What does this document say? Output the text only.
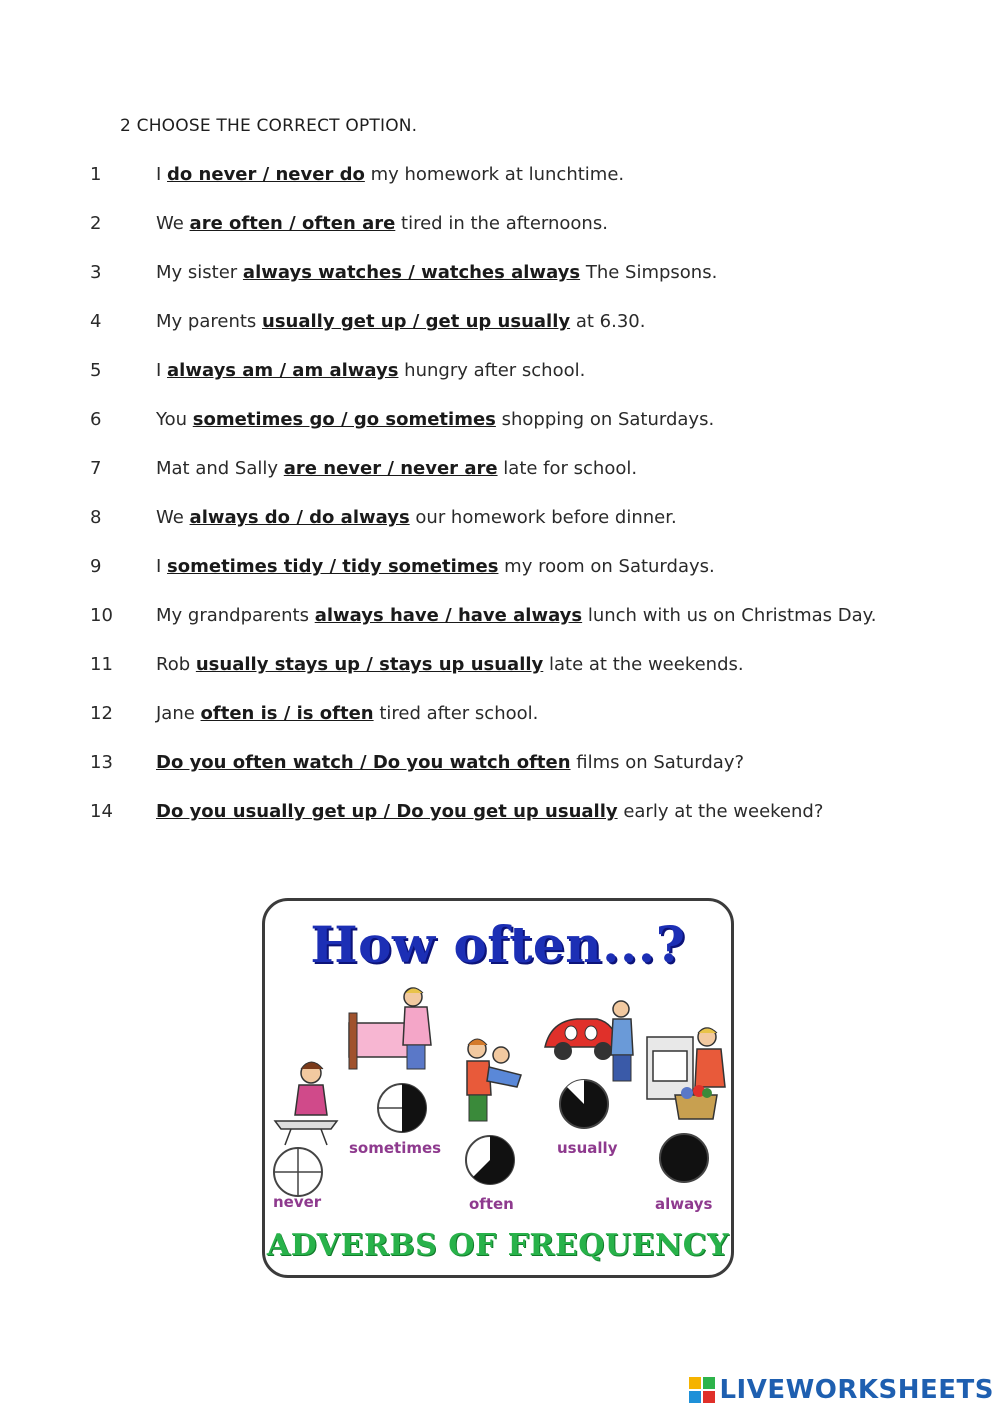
2 CHOOSE THE CORRECT OPTION.
1	I do never / never do my homework at lunchtime.
2	We are often / often are tired in the afternoons.
3	My sister always watches / watches always The Simpsons.
4	My parents usually get up / get up usually at 6.30.
5	I always am / am always hungry after school.
6	You sometimes go / go sometimes shopping on Saturdays.
7	Mat and Sally are never / never are late for school.
8	We always do / do always our homework before dinner.
9	I sometimes tidy / tidy sometimes my room on Saturdays.
10	My grandparents always have / have always lunch with us on Christmas Day.
11	Rob usually stays up / stays up usually late at the weekends.
12	Jane often is / is often tired after school.
13	Do you often watch / Do you watch often films on Saturday?
14	Do you usually get up / Do you get up usually early at the weekend?
How often...?
never
sometimes
often
usually
always
ADVERBS OF FREQUENCY
LIVEWORKSHEETS
